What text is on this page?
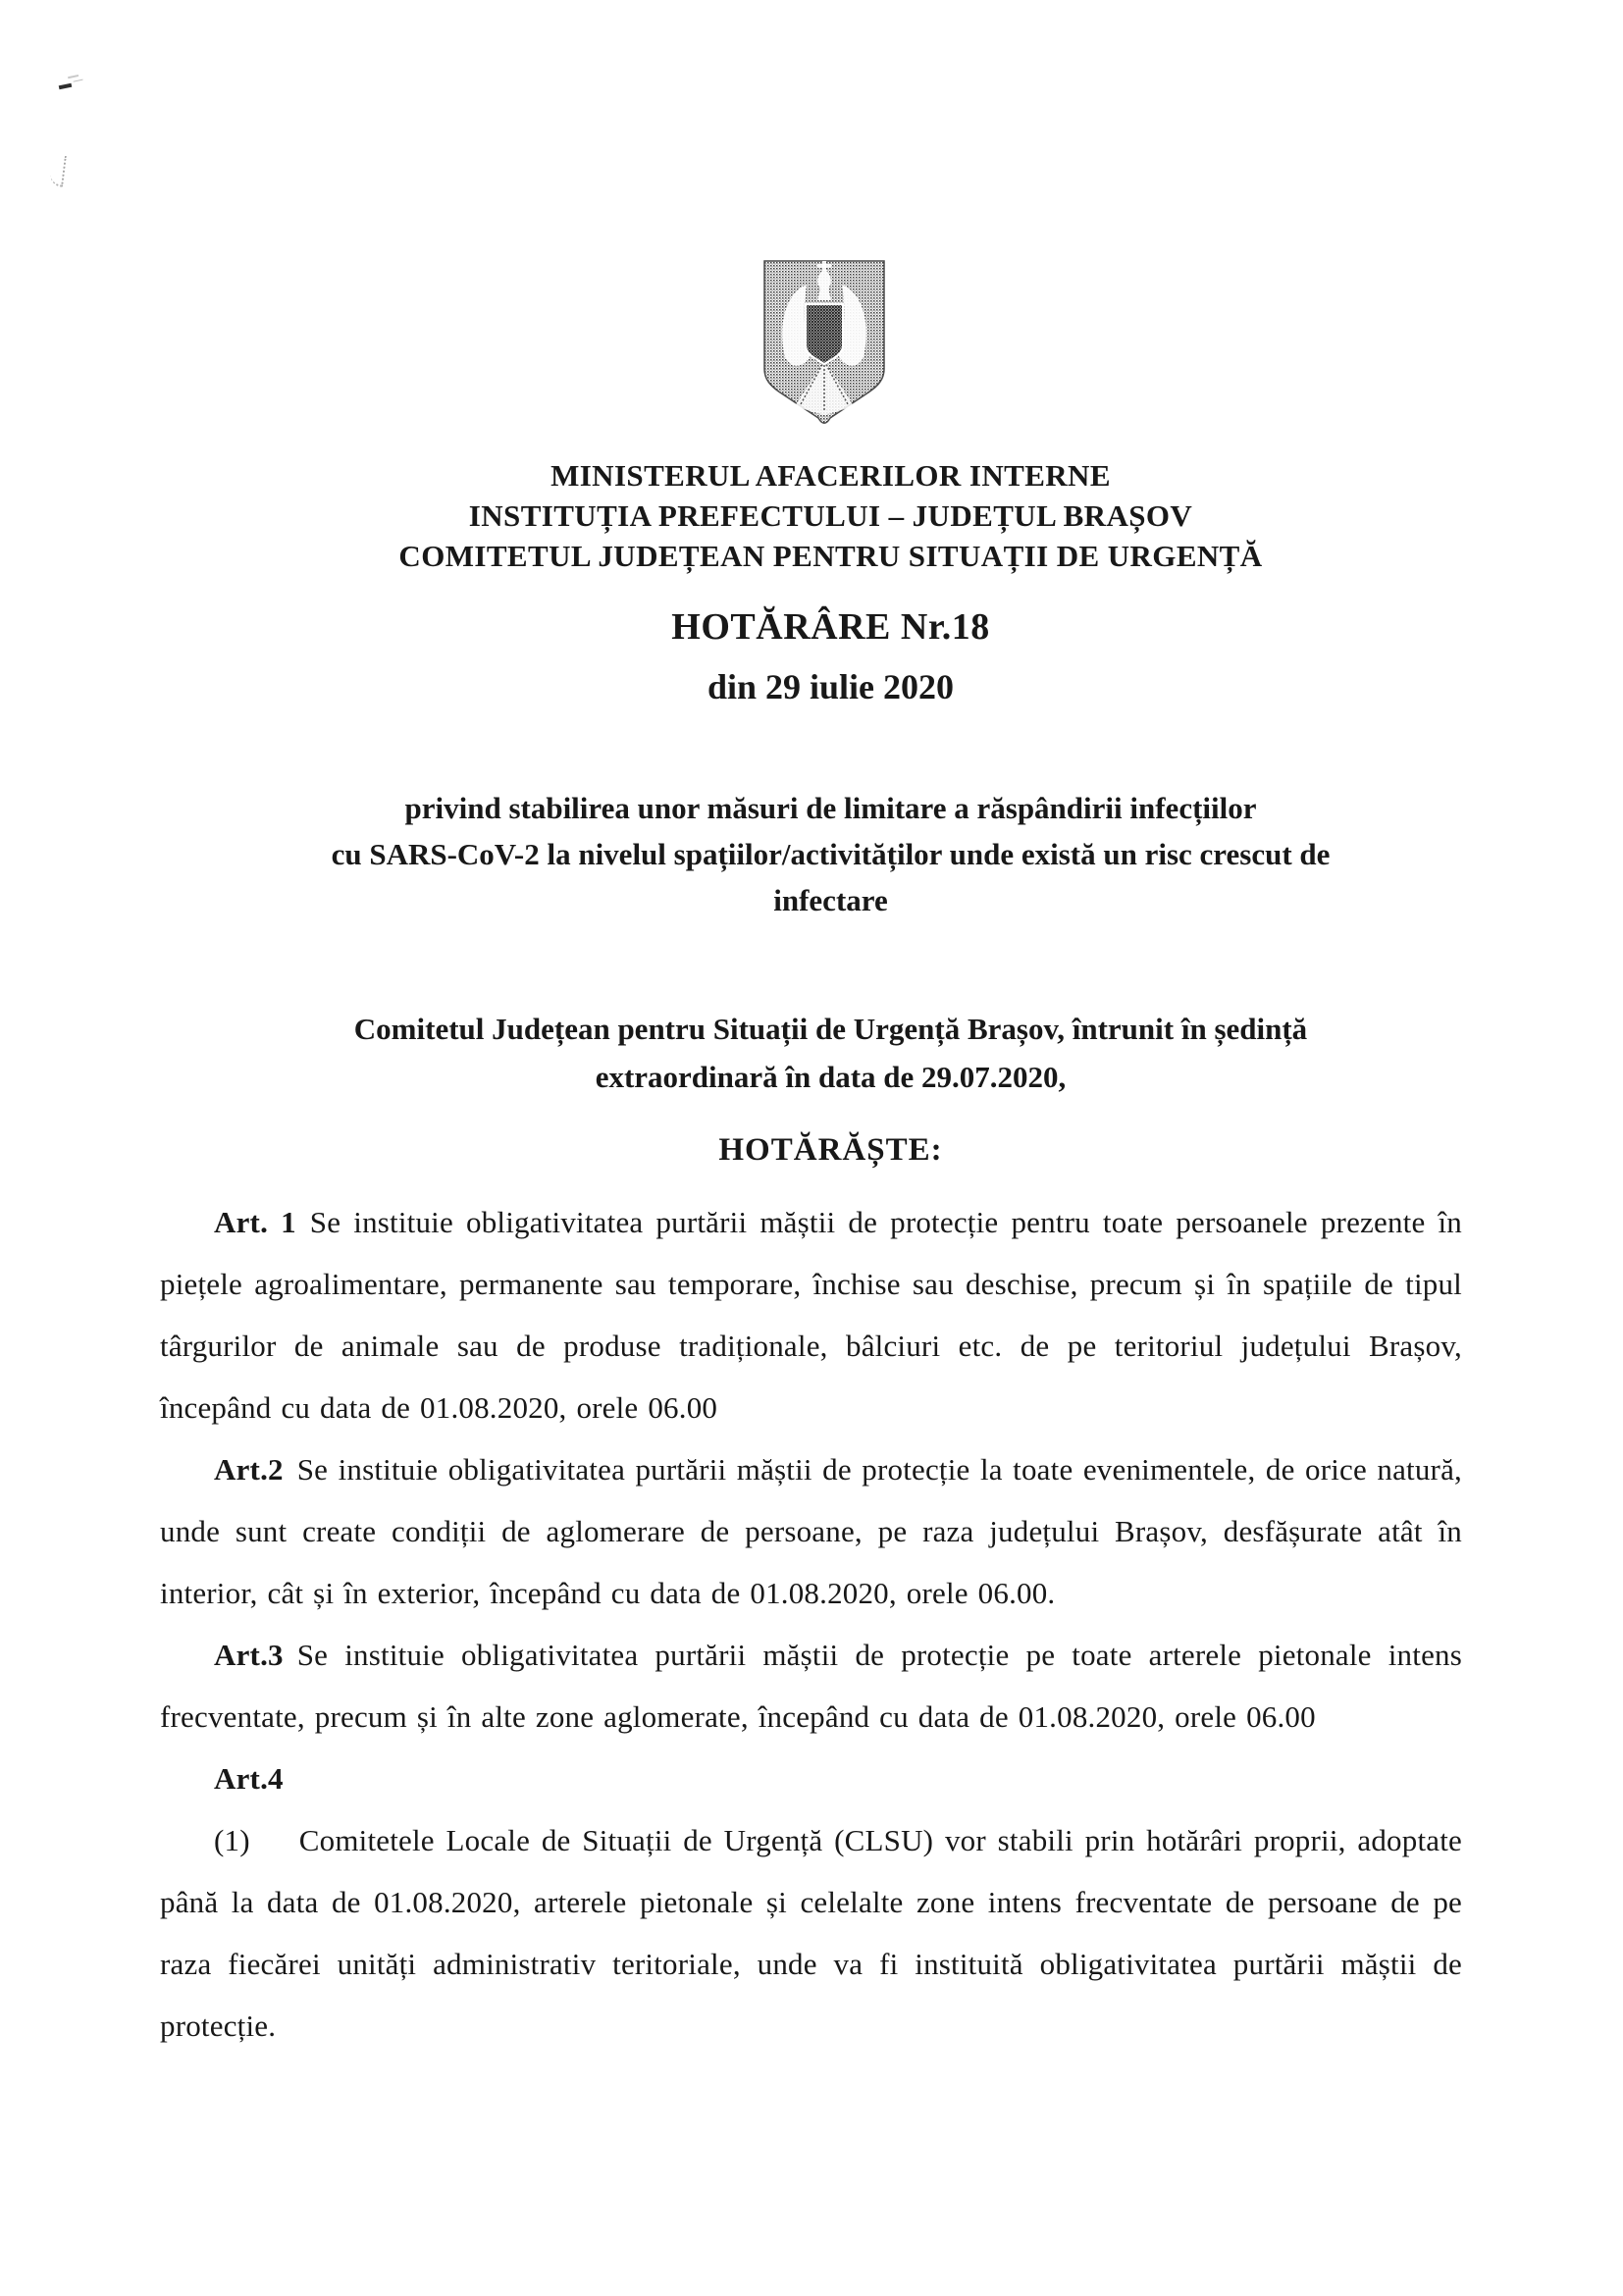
MINISTERUL AFACERILOR INTERNE
INSTITUȚIA PREFECTULUI – JUDEȚUL BRAȘOV
COMITETUL JUDEȚEAN PENTRU SITUAȚII DE URGENȚĂ
HOTĂRÂRE Nr.18
din 29 iulie 2020
privind stabilirea unor măsuri de limitare a răspândirii infecțiilor
cu SARS-CoV-2 la nivelul spațiilor/activităților unde există un risc crescut de
infectare
Comitetul Județean pentru Situații de Urgență Brașov, întrunit în ședință
extraordinară în data de 29.07.2020,
HOTĂRĂȘTE:

Art. 1 Se instituie obligativitatea purtării măștii de protecție pentru toate persoanele prezente în piețele agroalimentare, permanente sau temporare, închise sau deschise, precum și în spațiile de tipul târgurilor de animale sau de produse tradiționale, bâlciuri etc. de pe teritoriul județului Brașov, începând cu data de 01.08.2020, orele 06.00

Art.2 Se instituie obligativitatea purtării măștii de protecție la toate evenimentele, de orice natură, unde sunt create condiții de aglomerare de persoane, pe raza județului Brașov, desfășurate atât în interior, cât și în exterior, începând cu data de 01.08.2020, orele 06.00.

Art.3 Se instituie obligativitatea purtării măștii de protecție pe toate arterele pietonale intens frecventate, precum și în alte zone aglomerate, începând cu data de 01.08.2020, orele 06.00

Art.4

(1) Comitetele Locale de Situații de Urgență (CLSU) vor stabili prin hotărâri proprii, adoptate până la data de 01.08.2020, arterele pietonale și celelalte zone intens frecventate de persoane de pe raza fiecărei unități administrativ teritoriale, unde va fi instituită obligativitatea purtării măștii de protecție.
